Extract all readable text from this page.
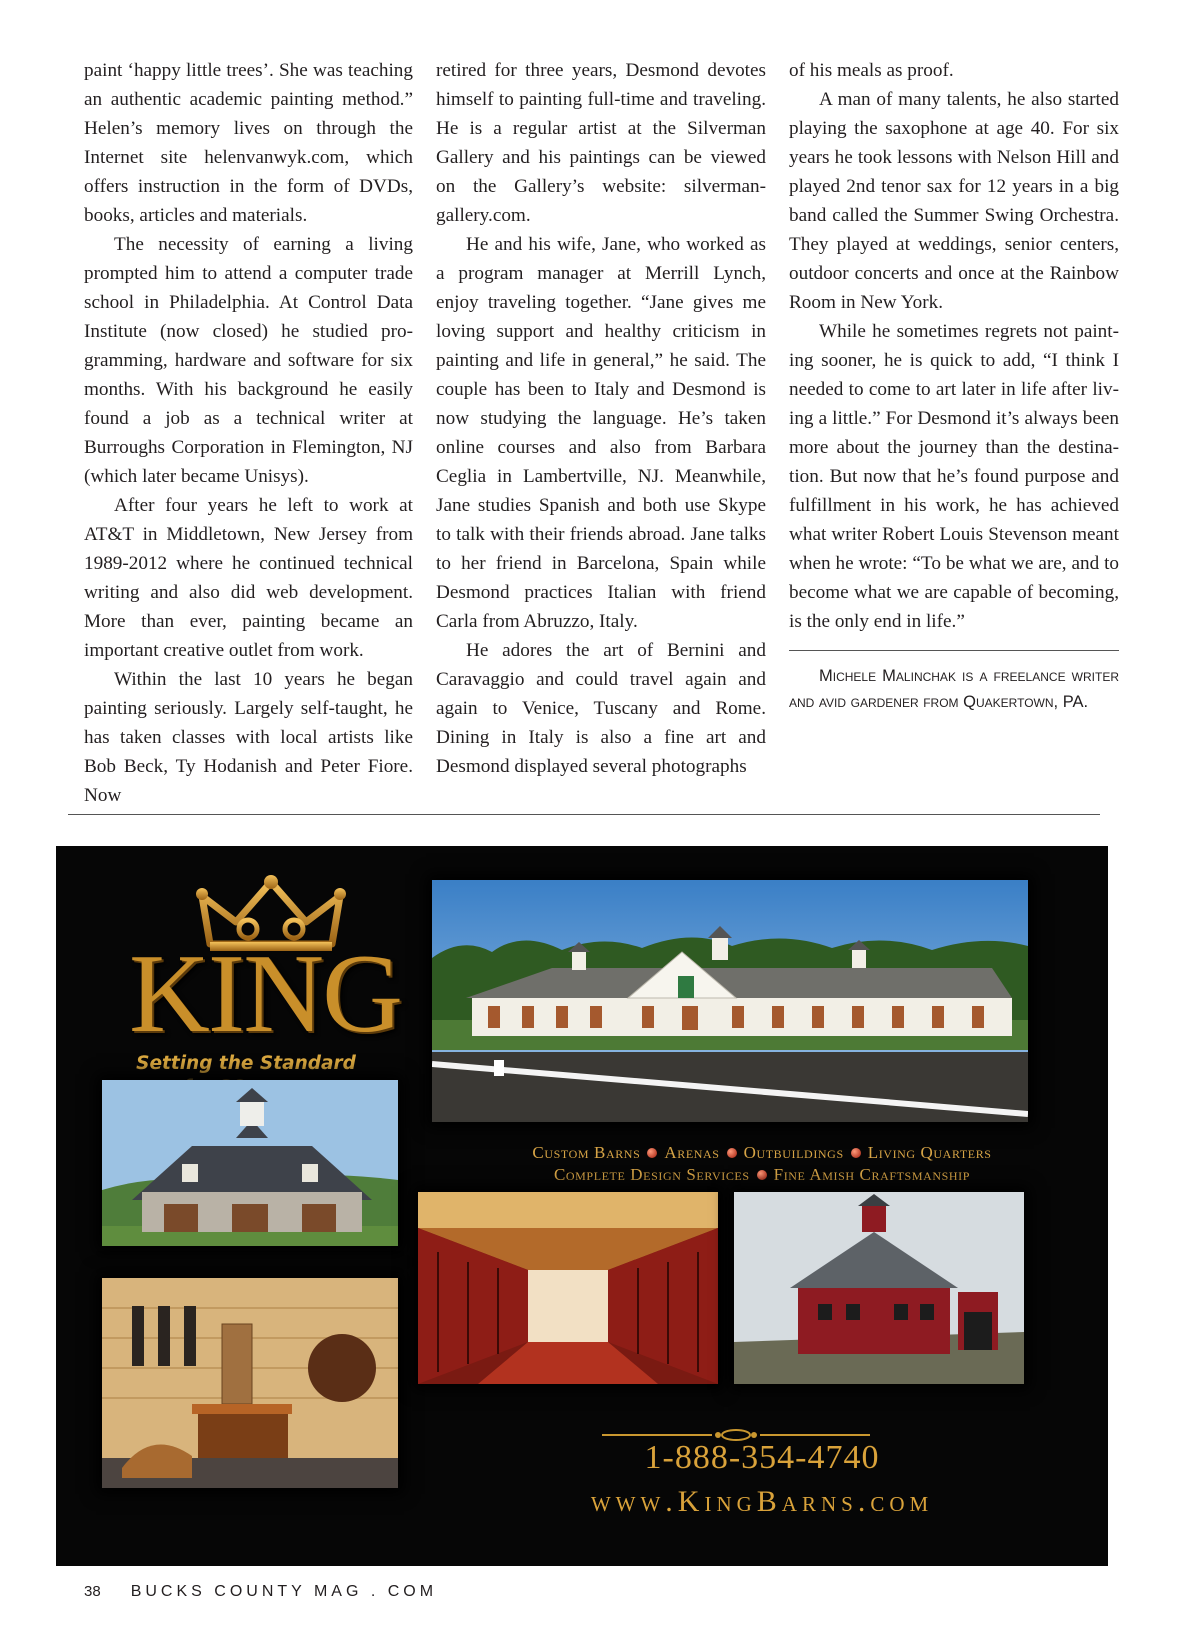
paint ‘happy little trees’. She was teaching an authentic academic painting method.” Helen’s memory lives on through the Internet site helenvanwyk.com, which offers instruction in the form of DVDs, books, articles and materials.

The necessity of earning a living prompted him to attend a computer trade school in Philadelphia. At Control Data Institute (now closed) he studied programming, hardware and software for six months. With his background he easily found a job as a technical writer at Burroughs Corporation in Flemington, NJ (which later became Unisys).

After four years he left to work at AT&T in Middletown, New Jersey from 1989-2012 where he continued technical writing and also did web development. More than ever, painting became an important creative outlet from work.

Within the last 10 years he began painting seriously. Largely self-taught, he has taken classes with local artists like Bob Beck, Ty Hodanish and Peter Fiore. Now

retired for three years, Desmond devotes himself to painting full-time and traveling. He is a regular artist at the Silverman Gallery and his paintings can be viewed on the Gallery’s website: silvermangallery.com.

He and his wife, Jane, who worked as a program manager at Merrill Lynch, enjoy traveling together. “Jane gives me loving support and healthy criticism in painting and life in general,” he said. The couple has been to Italy and Desmond is now studying the language. He’s taken online courses and also from Barbara Ceglia in Lambertville, NJ. Meanwhile, Jane studies Spanish and both use Skype to talk with their friends abroad. Jane talks to her friend in Barcelona, Spain while Desmond practices Italian with friend Carla from Abruzzo, Italy.

He adores the art of Bernini and Caravaggio and could travel again and again to Venice, Tuscany and Rome. Dining in Italy is also a fine art and Desmond displayed several photographs

of his meals as proof.

A man of many talents, he also started playing the saxophone at age 40. For six years he took lessons with Nelson Hill and played 2nd tenor sax for 12 years in a big band called the Summer Swing Orchestra. They played at weddings, senior centers, outdoor concerts and once at the Rainbow Room in New York.

While he sometimes regrets not painting sooner, he is quick to add, “I think I needed to come to art later in life after living a little.” For Desmond it’s always been more about the journey than the destination. But now that he’s found purpose and fulfillment in his work, he has achieved what writer Robert Louis Stevenson meant when he wrote: “To be what we are, and to become what we are capable of becoming, is the only end in life.”

Michele Malinchak is a freelance writer and avid gardener from Quakertown, PA.

KING
Setting the Standard
Custom Barns Arenas Outbuildings Living Quarters
Complete Design Services Fine Amish Craftsmanship
1-888-354-4740
www.KingBarns.com
38 BUCKS COUNTY MAG . COM
